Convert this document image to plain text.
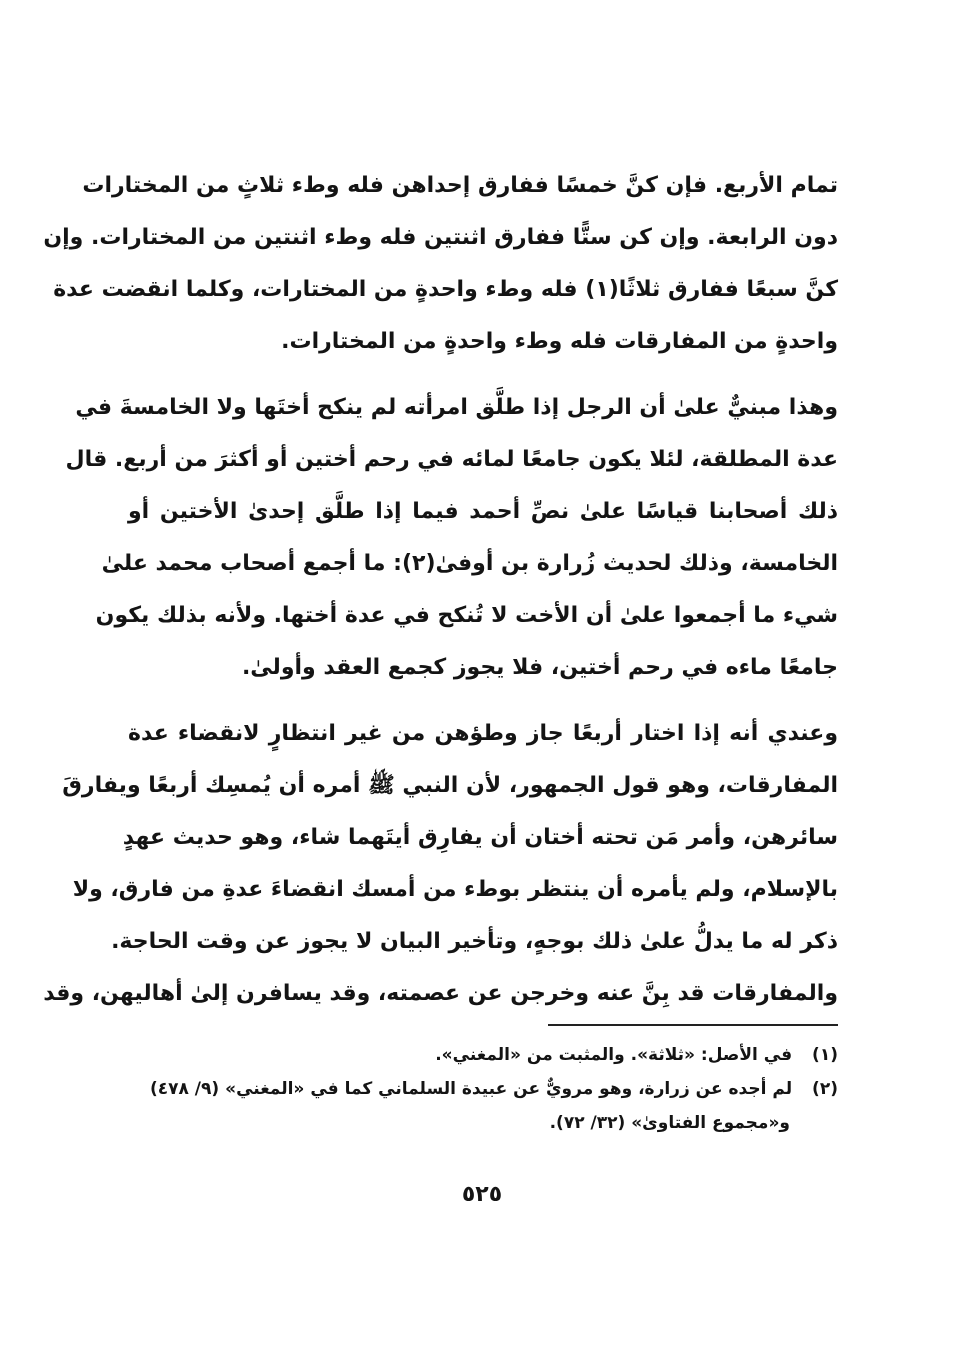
تمام الأربع. فإن كنَّ خمسًا ففارق إحداهن فله وطء ثلاثٍ من المختارات
دون الرابعة. وإن كن ستًّا ففارق اثنتين فله وطء اثنتين من المختارات. وإن
كنَّ سبعًا ففارق ثلاثًا(١) فله وطء واحدةٍ من المختارات، وكلما انقضت عدة
واحدةٍ من المفارقات فله وطء واحدةٍ من المختارات.
وهذا مبنيٌّ علىٰ أن الرجل إذا طلَّق امرأته لم ينكح أختَها ولا الخامسةَ في
عدة المطلقة، لئلا يكون جامعًا لمائه في رحم أختين أو أكثرَ من أربع. قال
ذلك أصحابنا قياسًا علىٰ نصِّ أحمد فيما إذا طلَّق إحدىٰ الأختين أو
الخامسة، وذلك لحديث زُرارة بن أوفىٰ(٢): ما أجمع أصحاب محمد علىٰ
شيء ما أجمعوا علىٰ أن الأخت لا تُنكح في عدة أختها. ولأنه بذلك يكون
جامعًا ماءه في رحم أختين، فلا يجوز كجمع العقد وأولىٰ.
وعندي أنه إذا اختار أربعًا جاز وطؤهن من غير انتظارٍ لانقضاء عدة
المفارقات، وهو قول الجمهور، لأن النبي ﷺ أمره أن يُمسِك أربعًا ويفارقَ
سائرهن، وأمر مَن تحته أختان أن يفارِق أيتَهما شاء، وهو حديث عهدٍ
بالإسلام، ولم يأمره أن ينتظر بوطء من أمسك انقضاءَ عدةِ من فارق، ولا
ذكر له ما يدلُّ علىٰ ذلك بوجهٍ، وتأخير البيان لا يجوز عن وقت الحاجة.
والمفارقات قد بِنَّ عنه وخرجن عن عصمته، وقد يسافرن إلىٰ أهاليهن، وقد
(١) في الأصل: «ثلاثة». والمثبت من «المغني».
(٢) لم أجده عن زرارة، وهو مرويٌّ عن عبيدة السلماني كما في «المغني» (٩/ ٤٧٨)
و«مجموع الفتاوىٰ» (٣٢/ ٧٢).
٥٢٥
